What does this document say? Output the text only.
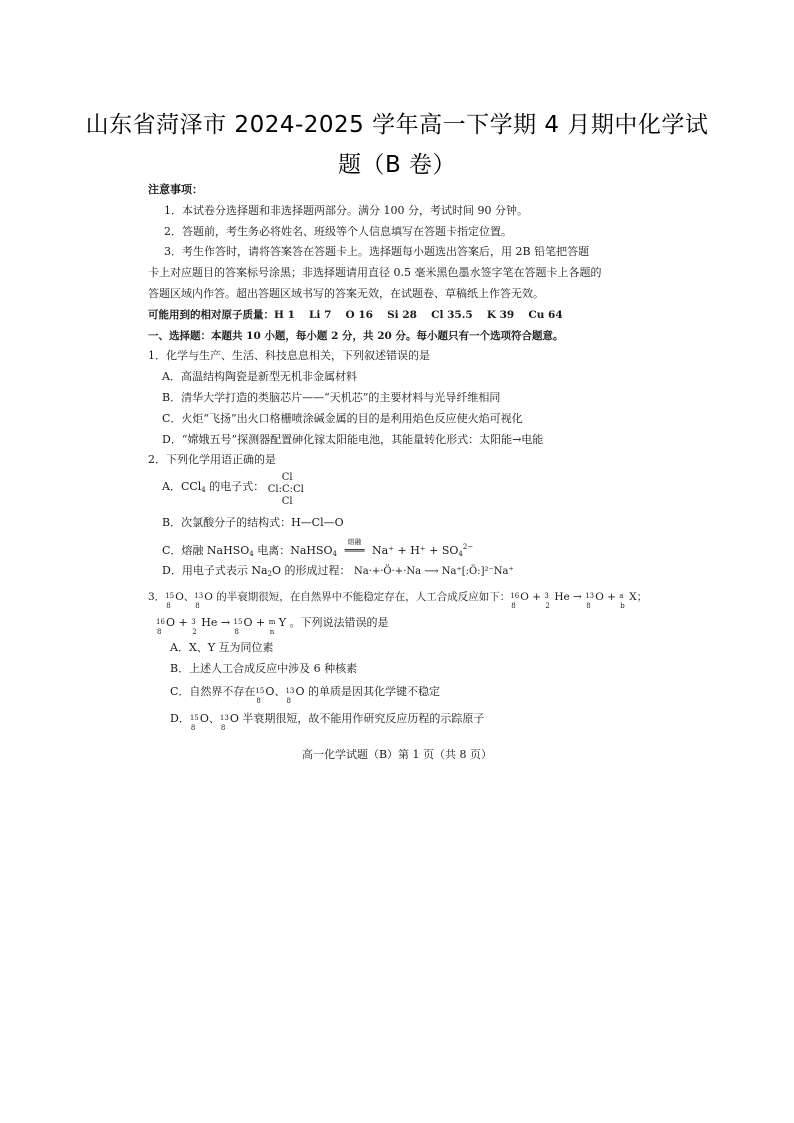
山东省菏泽市 2024-2025 学年高一下学期 4 月期中化学试
题（B 卷）
注意事项：
1．本试卷分选择题和非选择题两部分。满分 100 分，考试时间 90 分钟。
2．答题前，考生务必将姓名、班级等个人信息填写在答题卡指定位置。
3．考生作答时，请将答案答在答题卡上。选择题每小题选出答案后，用 2B 铅笔把答题
卡上对应题目的答案标号涂黑；非选择题请用直径 0.5 毫米黑色墨水签字笔在答题卡上各题的
答题区域内作答。超出答题区域书写的答案无效，在试题卷、草稿纸上作答无效。
可能用到的相对原子质量：H 1　 Li 7　 O 16　 Si 28　 Cl 35.5　 K 39　 Cu 64
一、选择题：本题共 10 小题，每小题 2 分，共 20 分。每小题只有一个选项符合题意。
1．化学与生产、生活、科技息息相关，下列叙述错误的是
A．高温结构陶瓷是新型无机非金属材料
B．清华大学打造的类脑芯片——“天机芯”的主要材料与光导纤维相同
C．火炬“飞扬”出火口格栅喷涂碱金属的目的是利用焰色反应使火焰可视化
D．“嫦娥五号”探测器配置砷化镓太阳能电池，其能量转化形式：太阳能→电能
2．下列化学用语正确的是
A．CCl$_4$ 的电子式：
Cl
Cl:C:Cl
Cl
B．次氯酸分子的结构式：H—Cl—O
C．熔融 NaHSO$_4$ 电离：NaHSO$_4$
熔融
═══ $Na^+ + H^+ + SO_4^{2-}$
D．用电子式表示 $Na_2O$ 的形成过程： Na·+·Ö·+·Na ⟶ Na⁺[:Ö:]²⁻Na⁺
3． 15
8
O、 13
8
O 的半衰期很短，在自然界中不能稳定存在，人工合成反应如下： 16
8
O + 3
2
He → 13
8
O + a
b
X；
16
8
O + 3
2
He → 15
8
O + m
n
Y 。下列说法错误的是
A．X、Y 互为同位素
B．上述人工合成反应中涉及 6 种核素
C．自然界不存在 15
8
O、 13
8
O 的单质是因其化学键不稳定
D． 15
8
O、 13
8
O 半衰期很短，故不能用作研究反应历程的示踪原子
高一化学试题（B）第 1 页（共 8 页）
